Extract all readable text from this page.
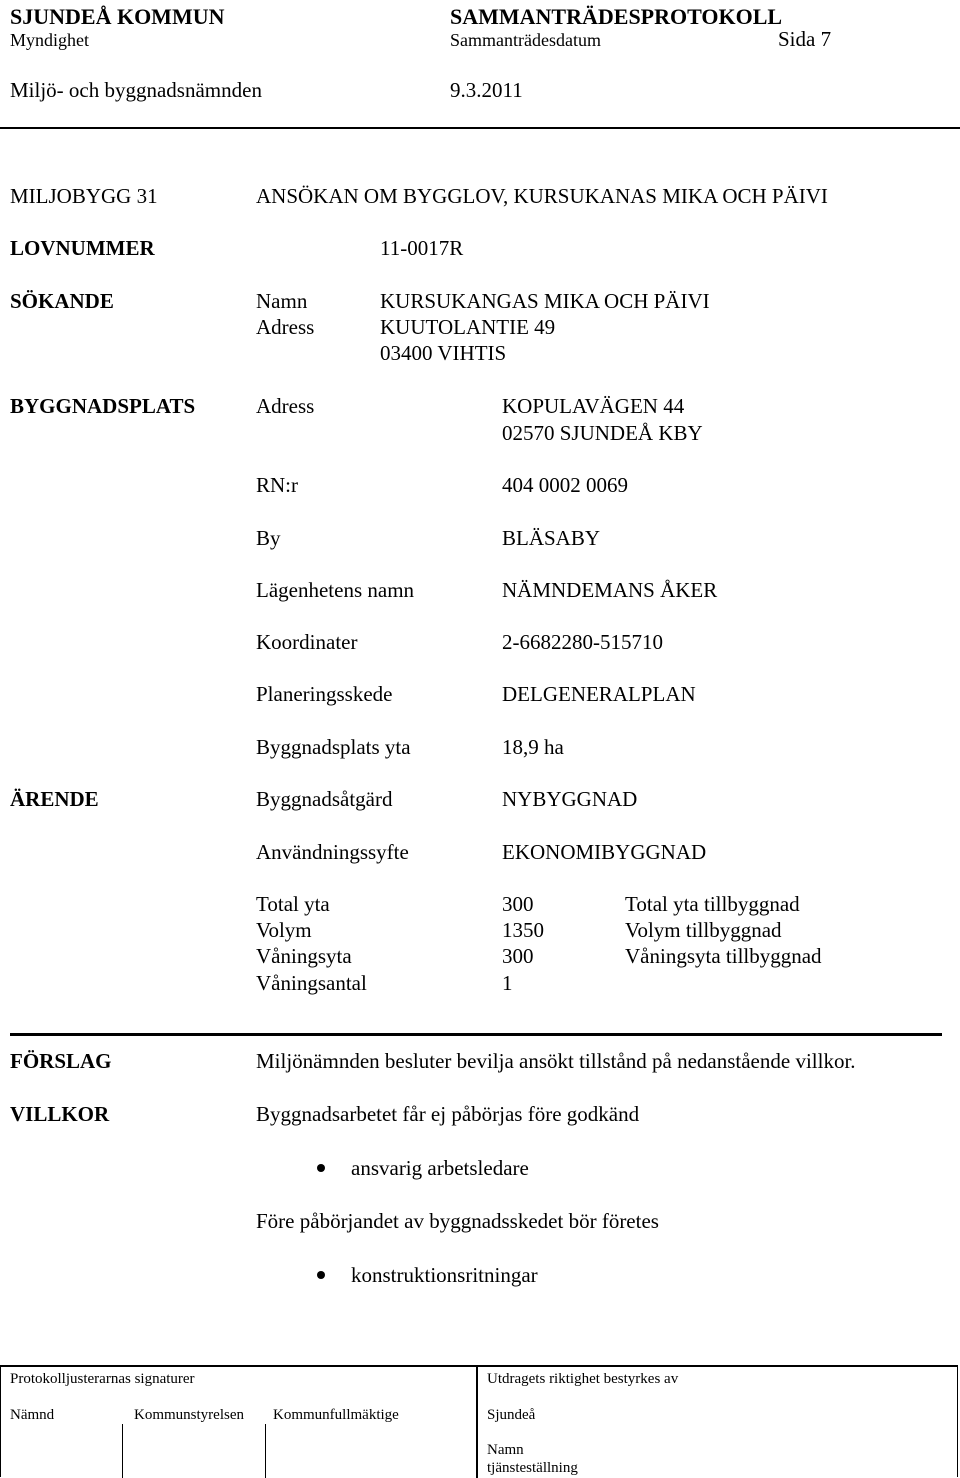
SJUNDEÅ KOMMUN	SAMMANTRÄDESPROTOKOLL
Myndighet	Sammanträdesdatum	Sida 7
Miljö- och byggnadsnämnden	9.3.2011
MILJOBYGG 31	ANSÖKAN OM BYGGLOV, KURSUKANAS MIKA OCH PÄIVI
LOVNUMMER	11-0017R
SÖKANDE	Namn	KURSUKANGAS MIKA OCH PÄIVI
Adress	KUUTOLANTIE 49
03400 VIHTIS
BYGGNADSPLATS	Adress	KOPULAVÄGEN 44
02570 SJUNDEÅ KBY
RN:r	404 0002 0069
By	BLÄSABY
Lägenhetens namn	NÄMNDEMANS ÅKER
Koordinater	2-6682280-515710
Planeringsskede	DELGENERALPLAN
Byggnadsplats yta	18,9 ha
ÄRENDE	Byggnadsåtgärd	NYBYGGNAD
Användningssyfte	EKONOMIBYGGNAD
Total yta	300	Total yta tillbyggnad
Volym	1350	Volym tillbyggnad
Våningsyta	300	Våningsyta tillbyggnad
Våningsantal	1
FÖRSLAG	Miljönämnden besluter bevilja ansökt tillstånd på nedanstående villkor.
VILLKOR	Byggnadsarbetet får ej påbörjas före godkänd
ansvarig arbetsledare
Före påbörjandet av byggnadsskedet bör företes
konstruktionsritningar
Protokolljusterarnas signaturer	Utdragets riktighet bestyrkes av
Nämnd	Kommunstyrelsen Kommunfullmäktige	Sjundeå
Namn
tjänsteställning
